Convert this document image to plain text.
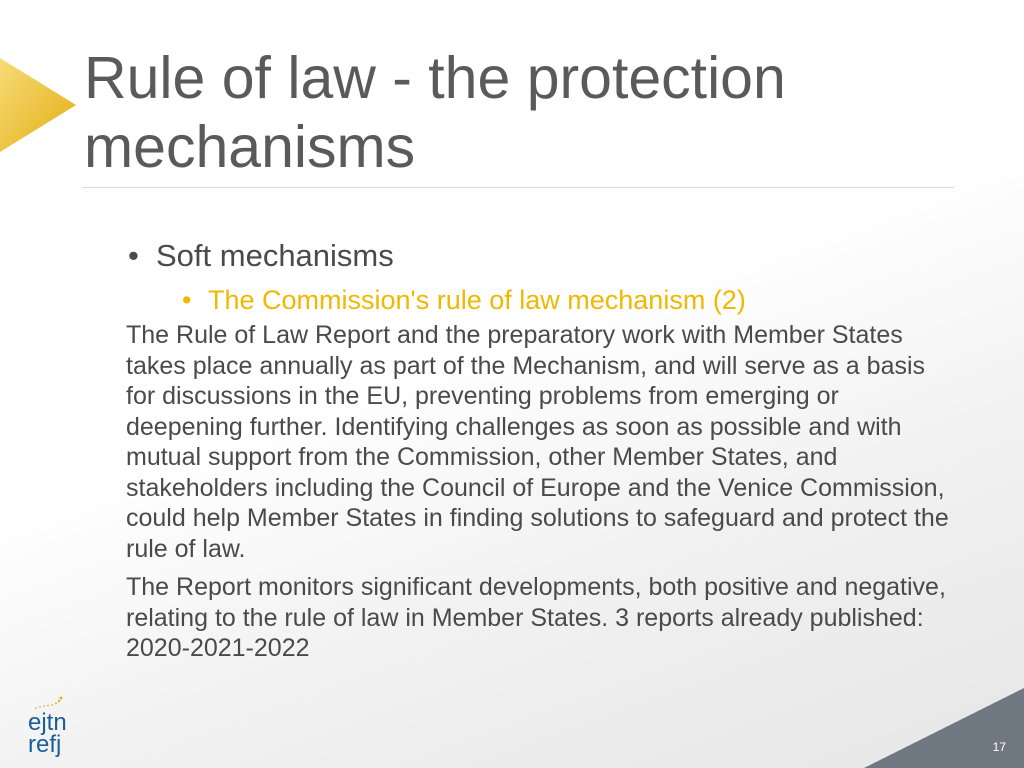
Rule of law - the protection mechanisms

• Soft mechanisms

• The Commission's rule of law mechanism (2)

The Rule of Law Report and the preparatory work with Member States takes place annually as part of the Mechanism, and will serve as a basis for discussions in the EU, preventing problems from emerging or deepening further. Identifying challenges as soon as possible and with mutual support from the Commission, other Member States, and stakeholders including the Council of Europe and the Venice Commission, could help Member States in finding solutions to safeguard and protect the rule of law.

The Report monitors significant developments, both positive and negative, relating to the rule of law in Member States. 3 reports already published: 2020-2021-2022

ejtn
refj	17
